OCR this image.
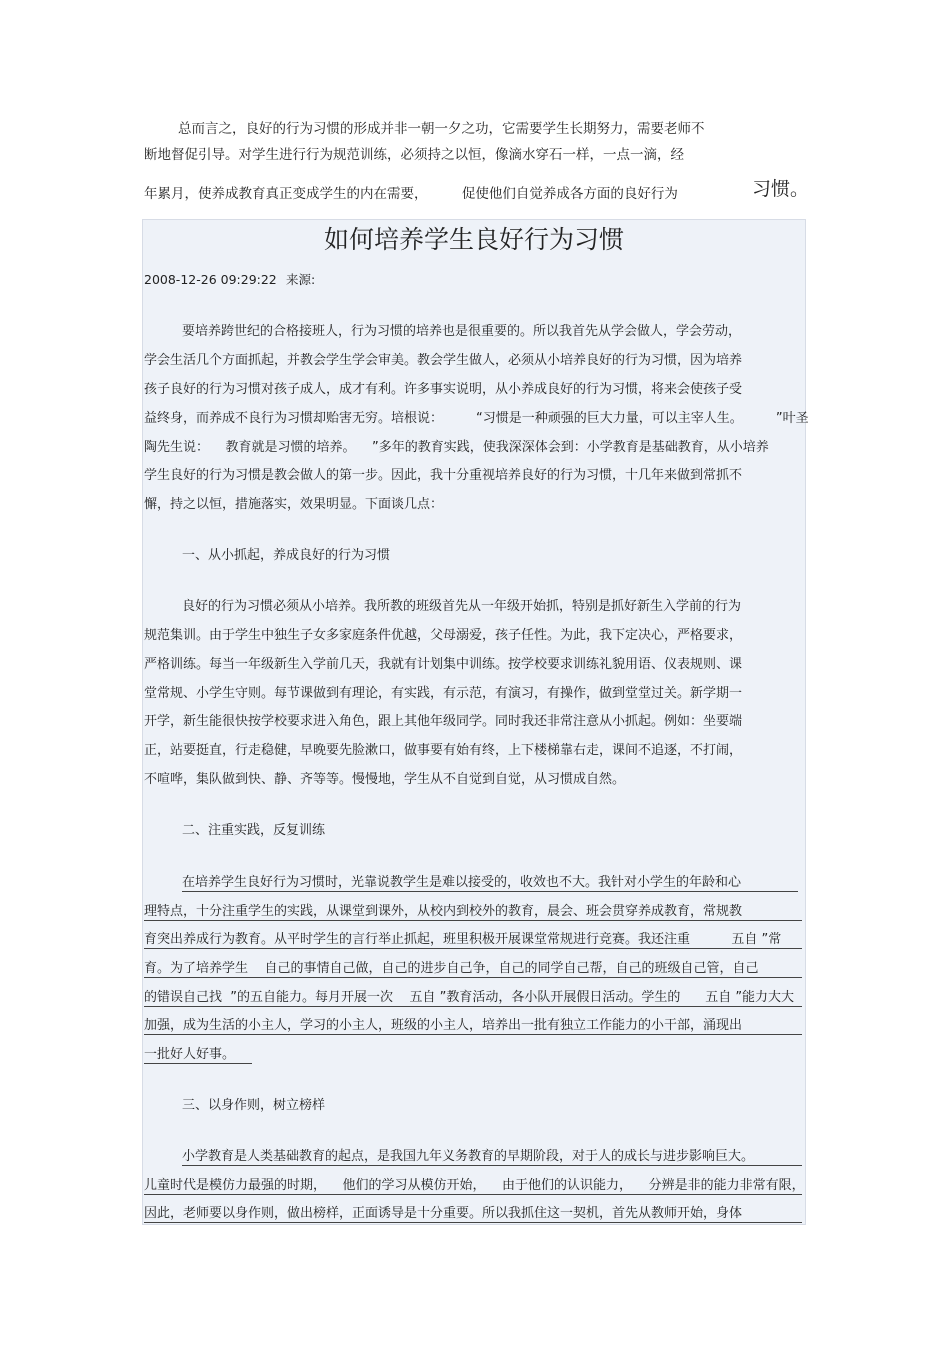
总而言之，良好的行为习惯的形成并非一朝一夕之功，它需要学生长期努力，需要老师不
断地督促引导。对学生进行行为规范训练，必须持之以恒，像滴水穿石一样，一点一滴，经
年累月，使养成教育真正变成学生的内在需要，        促使他们自觉养成各方面的良好行为	习惯。
如何培养学生良好行为习惯
2008-12-26 09:29:22 来源:
要培养跨世纪的合格接班人，行为习惯的培养也是很重要的。所以我首先从学会做人，学会劳动，
学会生活几个方面抓起，并教会学生学会审美。教会学生做人，必须从小培养良好的行为习惯，因为培养
孩子良好的行为习惯对孩子成人，成才有利。许多事实说明，从小养成良好的行为习惯，将来会使孩子受
益终身，而养成不良行为习惯却贻害无穷。培根说：        “习惯是一种顽强的巨大力量，可以主宰人生。        ”叶圣
陶先生说：    教育就是习惯的培养。    ”多年的教育实践，使我深深体会到：小学教育是基础教育，从小培养
学生良好的行为习惯是教会做人的第一步。因此，我十分重视培养良好的行为习惯，十几年来做到常抓不
懈，持之以恒，措施落实，效果明显。下面谈几点：
一、从小抓起，养成良好的行为习惯
良好的行为习惯必须从小培养。我所教的班级首先从一年级开始抓，特别是抓好新生入学前的行为
规范集训。由于学生中独生子女多家庭条件优越，父母溺爱，孩子任性。为此，我下定决心，严格要求，
严格训练。每当一年级新生入学前几天，我就有计划集中训练。按学校要求训练礼貌用语、仪表规则、课
堂常规、小学生守则。每节课做到有理论，有实践，有示范，有演习，有操作，做到堂堂过关。新学期一
开学，新生能很快按学校要求进入角色，跟上其他年级同学。同时我还非常注意从小抓起。例如：坐要端
正，站要挺直，行走稳健，早晚要先脸漱口，做事要有始有终，上下楼梯靠右走，课间不追逐，不打闹，
不喧哗，集队做到快、静、齐等等。慢慢地，学生从不自觉到自觉，从习惯成自然。
二、注重实践，反复训练
在培养学生良好行为习惯时，光靠说教学生是难以接受的，收效也不大。我针对小学生的年龄和心
理特点，十分注重学生的实践，从课堂到课外，从校内到校外的教育，晨会、班会贯穿养成教育，常规教
育突出养成行为教育。从平时学生的言行举止抓起，班里积极开展课堂常规进行竞赛。我还注重          五自 ”常
育。为了培养学生    自己的事情自己做，自己的进步自己争，自己的同学自己帮，自己的班级自己管，自己
的错误自己找  ”的五自能力。每月开展一次    五自 ”教育活动，各小队开展假日活动。学生的      五自 ”能力大大
加强，成为生活的小主人，学习的小主人，班级的小主人，培养出一批有独立工作能力的小干部，涌现出
一批好人好事。
三、以身作则，树立榜样
小学教育是人类基础教育的起点，是我国九年义务教育的早期阶段，对于人的成长与进步影响巨大。
儿童时代是模仿力最强的时期，    他们的学习从模仿开始，    由于他们的认识能力，    分辨是非的能力非常有限，
因此，老师要以身作则，做出榜样，正面诱导是十分重要。所以我抓住这一契机，首先从教师开始，身体
